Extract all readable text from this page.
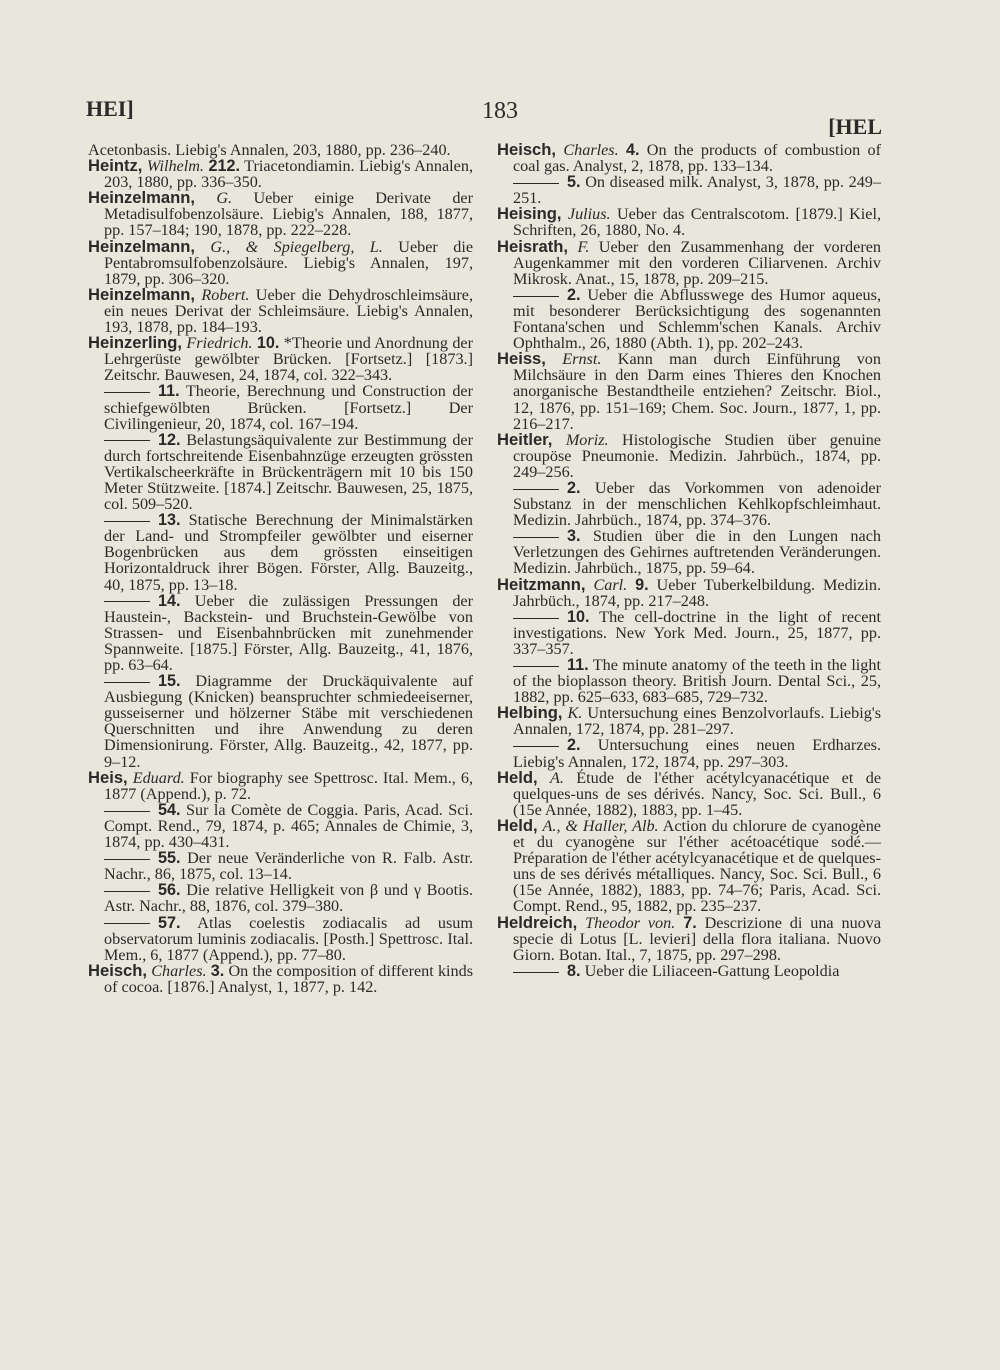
HEI]	183
[HEL

Acetonbasis. Liebig's Annalen, 203, 1880, pp. 236–240.

Heintz, Wilhelm. 212. Triacetondiamin. Liebig's Annalen, 203, 1880, pp. 336–350.

Heinzelmann, G. Ueber einige Derivate der Metadisulfobenzolsäure. Liebig's Annalen, 188, 1877, pp. 157–184; 190, 1878, pp. 222–228.

Heinzelmann, G., & Spiegelberg, L. Ueber die Pentabromsulfobenzolsäure. Liebig's Annalen, 197, 1879, pp. 306–320.

Heinzelmann, Robert. Ueber die Dehydroschleimsäure, ein neues Derivat der Schleimsäure. Liebig's Annalen, 193, 1878, pp. 184–193.

Heinzerling, Friedrich. 10. *Theorie und Anordnung der Lehrgerüste gewölbter Brücken. [Fortsetz.] [1873.] Zeitschr. Bauwesen, 24, 1874, col. 322–343.

11. Theorie, Berechnung und Construction der schiefgewölbten Brücken. [Fortsetz.] Der Civilingenieur, 20, 1874, col. 167–194.

12. Belastungsäquivalente zur Bestimmung der durch fortschreitende Eisenbahnzüge erzeugten grössten Vertikalscheerkräfte in Brückenträgern mit 10 bis 150 Meter Stützweite. [1874.] Zeitschr. Bauwesen, 25, 1875, col. 509–520.

13. Statische Berechnung der Minimalstärken der Land- und Strompfeiler gewölbter und eiserner Bogenbrücken aus dem grössten einseitigen Horizontaldruck ihrer Bögen. Förster, Allg. Bauzeitg., 40, 1875, pp. 13–18.

14. Ueber die zulässigen Pressungen der Haustein-, Backstein- und Bruchstein-Gewölbe von Strassen- und Eisenbahnbrücken mit zunehmender Spannweite. [1875.] Förster, Allg. Bauzeitg., 41, 1876, pp. 63–64.

15. Diagramme der Druckäquivalente auf Ausbiegung (Knicken) beanspruchter schmiedeeiserner, gusseiserner und hölzerner Stäbe mit verschiedenen Querschnitten und ihre Anwendung zu deren Dimensionirung. Förster, Allg. Bauzeitg., 42, 1877, pp. 9–12.

Heis, Eduard. For biography see Spettrosc. Ital. Mem., 6, 1877 (Append.), p. 72.

54. Sur la Comète de Coggia. Paris, Acad. Sci. Compt. Rend., 79, 1874, p. 465; Annales de Chimie, 3, 1874, pp. 430–431.

55. Der neue Veränderliche von R. Falb. Astr. Nachr., 86, 1875, col. 13–14.

56. Die relative Helligkeit von β und γ Bootis. Astr. Nachr., 88, 1876, col. 379–380.

57. Atlas coelestis zodiacalis ad usum observatorum luminis zodiacalis. [Posth.] Spettrosc. Ital. Mem., 6, 1877 (Append.), pp. 77–80.

Heisch, Charles. 3. On the composition of different kinds of cocoa. [1876.] Analyst, 1, 1877, p. 142.

Heisch, Charles. 4. On the products of combustion of coal gas. Analyst, 2, 1878, pp. 133–134.

5. On diseased milk. Analyst, 3, 1878, pp. 249–251.

Heising, Julius. Ueber das Centralscotom. [1879.] Kiel, Schriften, 26, 1880, No. 4.

Heisrath, F. Ueber den Zusammenhang der vorderen Augenkammer mit den vorderen Ciliarvenen. Archiv Mikrosk. Anat., 15, 1878, pp. 209–215.

2. Ueber die Abflusswege des Humor aqueus, mit besonderer Berücksichtigung des sogenannten Fontana'schen und Schlemm'schen Kanals. Archiv Ophthalm., 26, 1880 (Abth. 1), pp. 202–243.

Heiss, Ernst. Kann man durch Einführung von Milchsäure in den Darm eines Thieres den Knochen anorganische Bestandtheile entziehen? Zeitschr. Biol., 12, 1876, pp. 151–169; Chem. Soc. Journ., 1877, 1, pp. 216–217.

Heitler, Moriz. Histologische Studien über genuine croupöse Pneumonie. Medizin. Jahrbüch., 1874, pp. 249–256.

2. Ueber das Vorkommen von adenoider Substanz in der menschlichen Kehlkopfschleimhaut. Medizin. Jahrbüch., 1874, pp. 374–376.

3. Studien über die in den Lungen nach Verletzungen des Gehirnes auftretenden Veränderungen. Medizin. Jahrbüch., 1875, pp. 59–64.

Heitzmann, Carl. 9. Ueber Tuberkelbildung. Medizin. Jahrbüch., 1874, pp. 217–248.

10. The cell-doctrine in the light of recent investigations. New York Med. Journ., 25, 1877, pp. 337–357.

11. The minute anatomy of the teeth in the light of the bioplasson theory. British Journ. Dental Sci., 25, 1882, pp. 625–633, 683–685, 729–732.

Helbing, K. Untersuchung eines Benzolvorlaufs. Liebig's Annalen, 172, 1874, pp. 281–297.

2. Untersuchung eines neuen Erdharzes. Liebig's Annalen, 172, 1874, pp. 297–303.

Held, A. Étude de l'éther acétylcyanacétique et de quelques-uns de ses dérivés. Nancy, Soc. Sci. Bull., 6 (15e Année, 1882), 1883, pp. 1–45.

Held, A., & Haller, Alb. Action du chlorure de cyanogène et du cyanogène sur l'éther acétoacétique sodé.—Préparation de l'éther acétylcyanacétique et de quelques-uns de ses dérivés métalliques. Nancy, Soc. Sci. Bull., 6 (15e Année, 1882), 1883, pp. 74–76; Paris, Acad. Sci. Compt. Rend., 95, 1882, pp. 235–237.

Heldreich, Theodor von. 7. Descrizione di una nuova specie di Lotus [L. levieri] della flora italiana. Nuovo Giorn. Botan. Ital., 7, 1875, pp. 297–298.

8. Ueber die Liliaceen-Gattung Leopoldia
